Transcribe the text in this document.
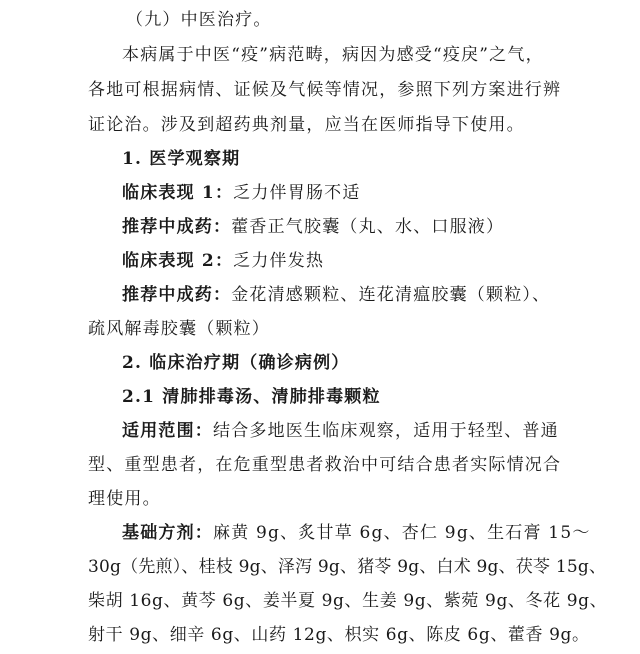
（九）中医治疗。
本病属于中医“疫”病范畴，病因为感受“疫戾”之气，
各地可根据病情、证候及气候等情况，参照下列方案进行辨
证论治。涉及到超药典剂量，应当在医师指导下使用。
1. 医学观察期
临床表现 1：乏力伴胃肠不适
推荐中成药：藿香正气胶囊（丸、水、口服液）
临床表现 2：乏力伴发热
推荐中成药：金花清感颗粒、连花清瘟胶囊（颗粒）、
疏风解毒胶囊（颗粒）
2. 临床治疗期（确诊病例）
2.1 清肺排毒汤、清肺排毒颗粒
适用范围：结合多地医生临床观察，适用于轻型、普通
型、重型患者，在危重型患者救治中可结合患者实际情况合
理使用。
基础方剂：麻黄 9g、炙甘草 6g、杏仁 9g、生石膏 15～
30g（先煎）、桂枝 9g、泽泻 9g、猪苓 9g、白术 9g、茯苓 15g、
柴胡 16g、黄芩 6g、姜半夏 9g、生姜 9g、紫菀 9g、冬花 9g、
射干 9g、细辛 6g、山药 12g、枳实 6g、陈皮 6g、藿香 9g。
